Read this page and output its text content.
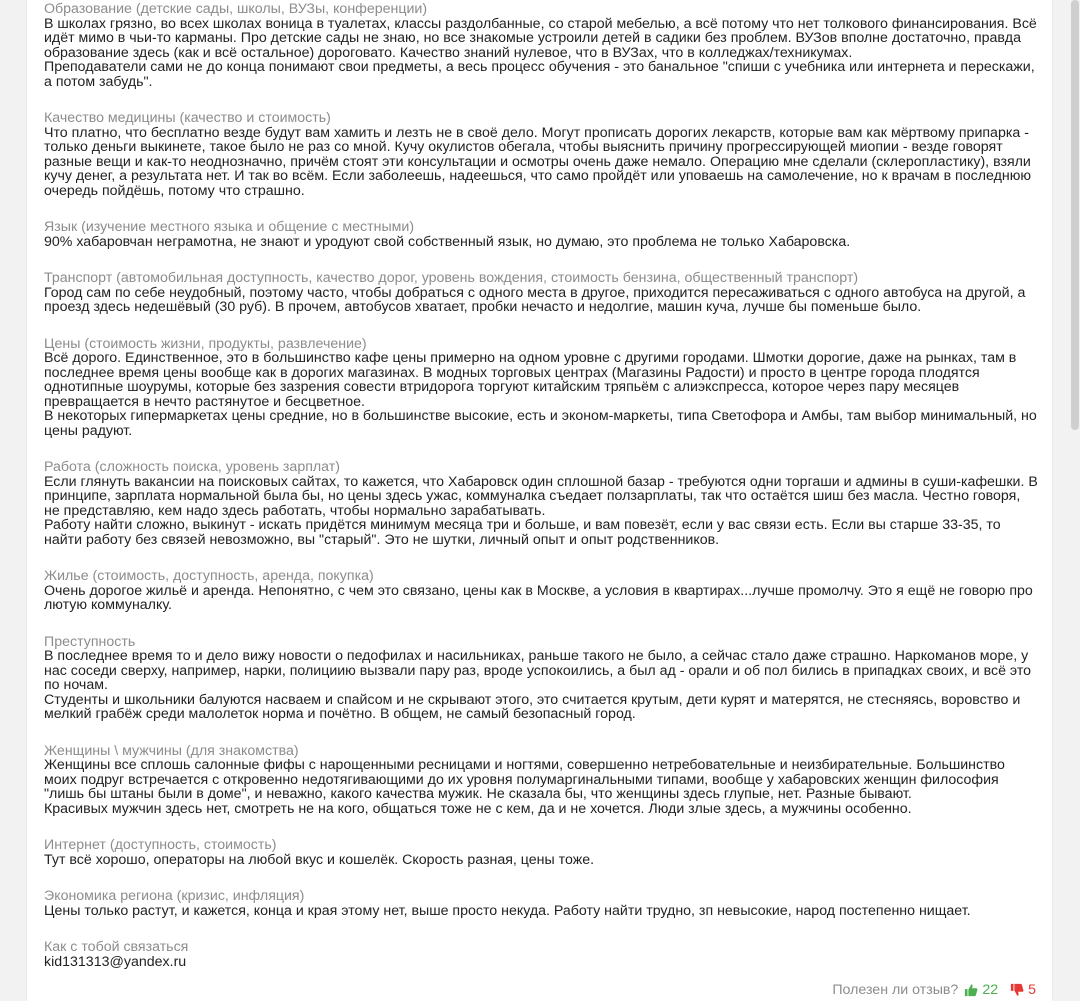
Образование (детские сады, школы, ВУЗы, конференции)
В школах грязно, во всех школах воница в туалетах, классы раздолбанные, со старой мебелью, а всё потому что нет толкового финансирования. Всё идёт мимо в чьи-то карманы. Про детские сады не знаю, но все знакомые устроили детей в садики без проблем. ВУЗов вполне достаточно, правда образование здесь (как и всё остальное) дороговато. Качество знаний нулевое, что в ВУЗах, что в колледжах/техникумах.
Преподаватели сами не до конца понимают свои предметы, а весь процесс обучения - это банальное "спиши с учебника или интернета и перескажи, а потом забудь".
Качество медицины (качество и стоимость)
Что платно, что бесплатно везде будут вам хамить и лезть не в своё дело. Могут прописать дорогих лекарств, которые вам как мёртвому припарка - только деньги выкинете, такое было не раз со мной. Кучу окулистов обегала, чтобы выяснить причину прогрессирующей миопии - везде говорят разные вещи и как-то неоднозначно, причём стоят эти консультации и осмотры очень даже немало. Операцию мне сделали (склеропластику), взяли кучу денег, а результата нет. И так во всём. Если заболеешь, надеешься, что само пройдёт или уповаешь на самолечение, но к врачам в последнюю очередь пойдёшь, потому что страшно.
Язык (изучение местного языка и общение с местными)
90% хабаровчан неграмотна, не знают и уродуют свой собственный язык, но думаю, это проблема не только Хабаровска.
Транспорт (автомобильная доступность, качество дорог, уровень вождения, стоимость бензина, общественный транспорт)
Город сам по себе неудобный, поэтому часто, чтобы добраться с одного места в другое, приходится пересаживаться с одного автобуса на другой, а проезд здесь недешёвый (30 руб). В прочем, автобусов хватает, пробки нечасто и недолгие, машин куча, лучше бы поменьше было.
Цены (стоимость жизни, продукты, развлечение)
Всё дорого. Единственное, это в большинство кафе цены примерно на одном уровне с другими городами. Шмотки дорогие, даже на рынках, там в последнее время цены вообще как в дорогих магазинах. В модных торговых центрах (Магазины Радости) и просто в центре города плодятся однотипные шоурумы, которые без зазрения совести втридорога торгуют китайским тряпьём с алиэкспресса, которое через пару месяцев превращается в нечто растянутое и бесцветное.
В некоторых гипермаркетах цены средние, но в большинстве высокие, есть и эконом-маркеты, типа Светофора и Амбы, там выбор минимальный, но цены радуют.
Работа (сложность поиска, уровень зарплат)
Если глянуть вакансии на поисковых сайтах, то кажется, что Хабаровск один сплошной базар - требуются одни торгаши и админы в суши-кафешки. В принципе, зарплата нормальной была бы, но цены здесь ужас, коммуналка съедает ползарплаты, так что остаётся шиш без масла. Честно говоря, не представляю, кем надо здесь работать, чтобы нормально зарабатывать.
Работу найти сложно, выкинут - искать придётся минимум месяца три и больше, и вам повезёт, если у вас связи есть. Если вы старше 33-35, то найти работу без связей невозможно, вы "старый". Это не шутки, личный опыт и опыт родственников.
Жилье (стоимость, доступность, аренда, покупка)
Очень дорогое жильё и аренда. Непонятно, с чем это связано, цены как в Москве, а условия в квартирах...лучше промолчу. Это я ещё не говорю про лютую коммуналку.
Преступность
В последнее время то и дело вижу новости о педофилах и насильниках, раньше такого не было, а сейчас стало даже страшно. Наркоманов море, у нас соседи сверху, например, нарки, полициию вызвали пару раз, вроде успокоились, а был ад - орали и об пол бились в припадках своих, и всё это по ночам.
Студенты и школьники балуются насваем и спайсом и не скрывают этого, это считается крутым, дети курят и матерятся, не стесняясь, воровство и мелкий грабёж среди малолеток норма и почётно. В общем, не самый безопасный город.
Женщины \ мужчины (для знакомства)
Женщины все сплошь салонные фифы с нарощенными ресницами и ногтями, совершенно нетребовательные и неизбирательные. Большинство моих подруг встречается с откровенно недотягивающими до их уровня полумаргинальными типами, вообще у хабаровских женщин философия "лишь бы штаны были в доме", и неважно, какого качества мужик. Не сказала бы, что женщины здесь глупые, нет. Разные бывают.
Красивых мужчин здесь нет, смотреть не на кого, общаться тоже не с кем, да и не хочется. Люди злые здесь, а мужчины особенно.
Интернет (доступность, стоимость)
Тут всё хорошо, операторы на любой вкус и кошелёк. Скорость разная, цены тоже.
Экономика региона (кризис, инфляция)
Цены только растут, и кажется, конца и края этому нет, выше просто некуда. Работу найти трудно, зп невысокие, народ постепенно нищает.
Как с тобой связаться
kid131313@yandex.ru
Полезен ли отзыв? 22 5
